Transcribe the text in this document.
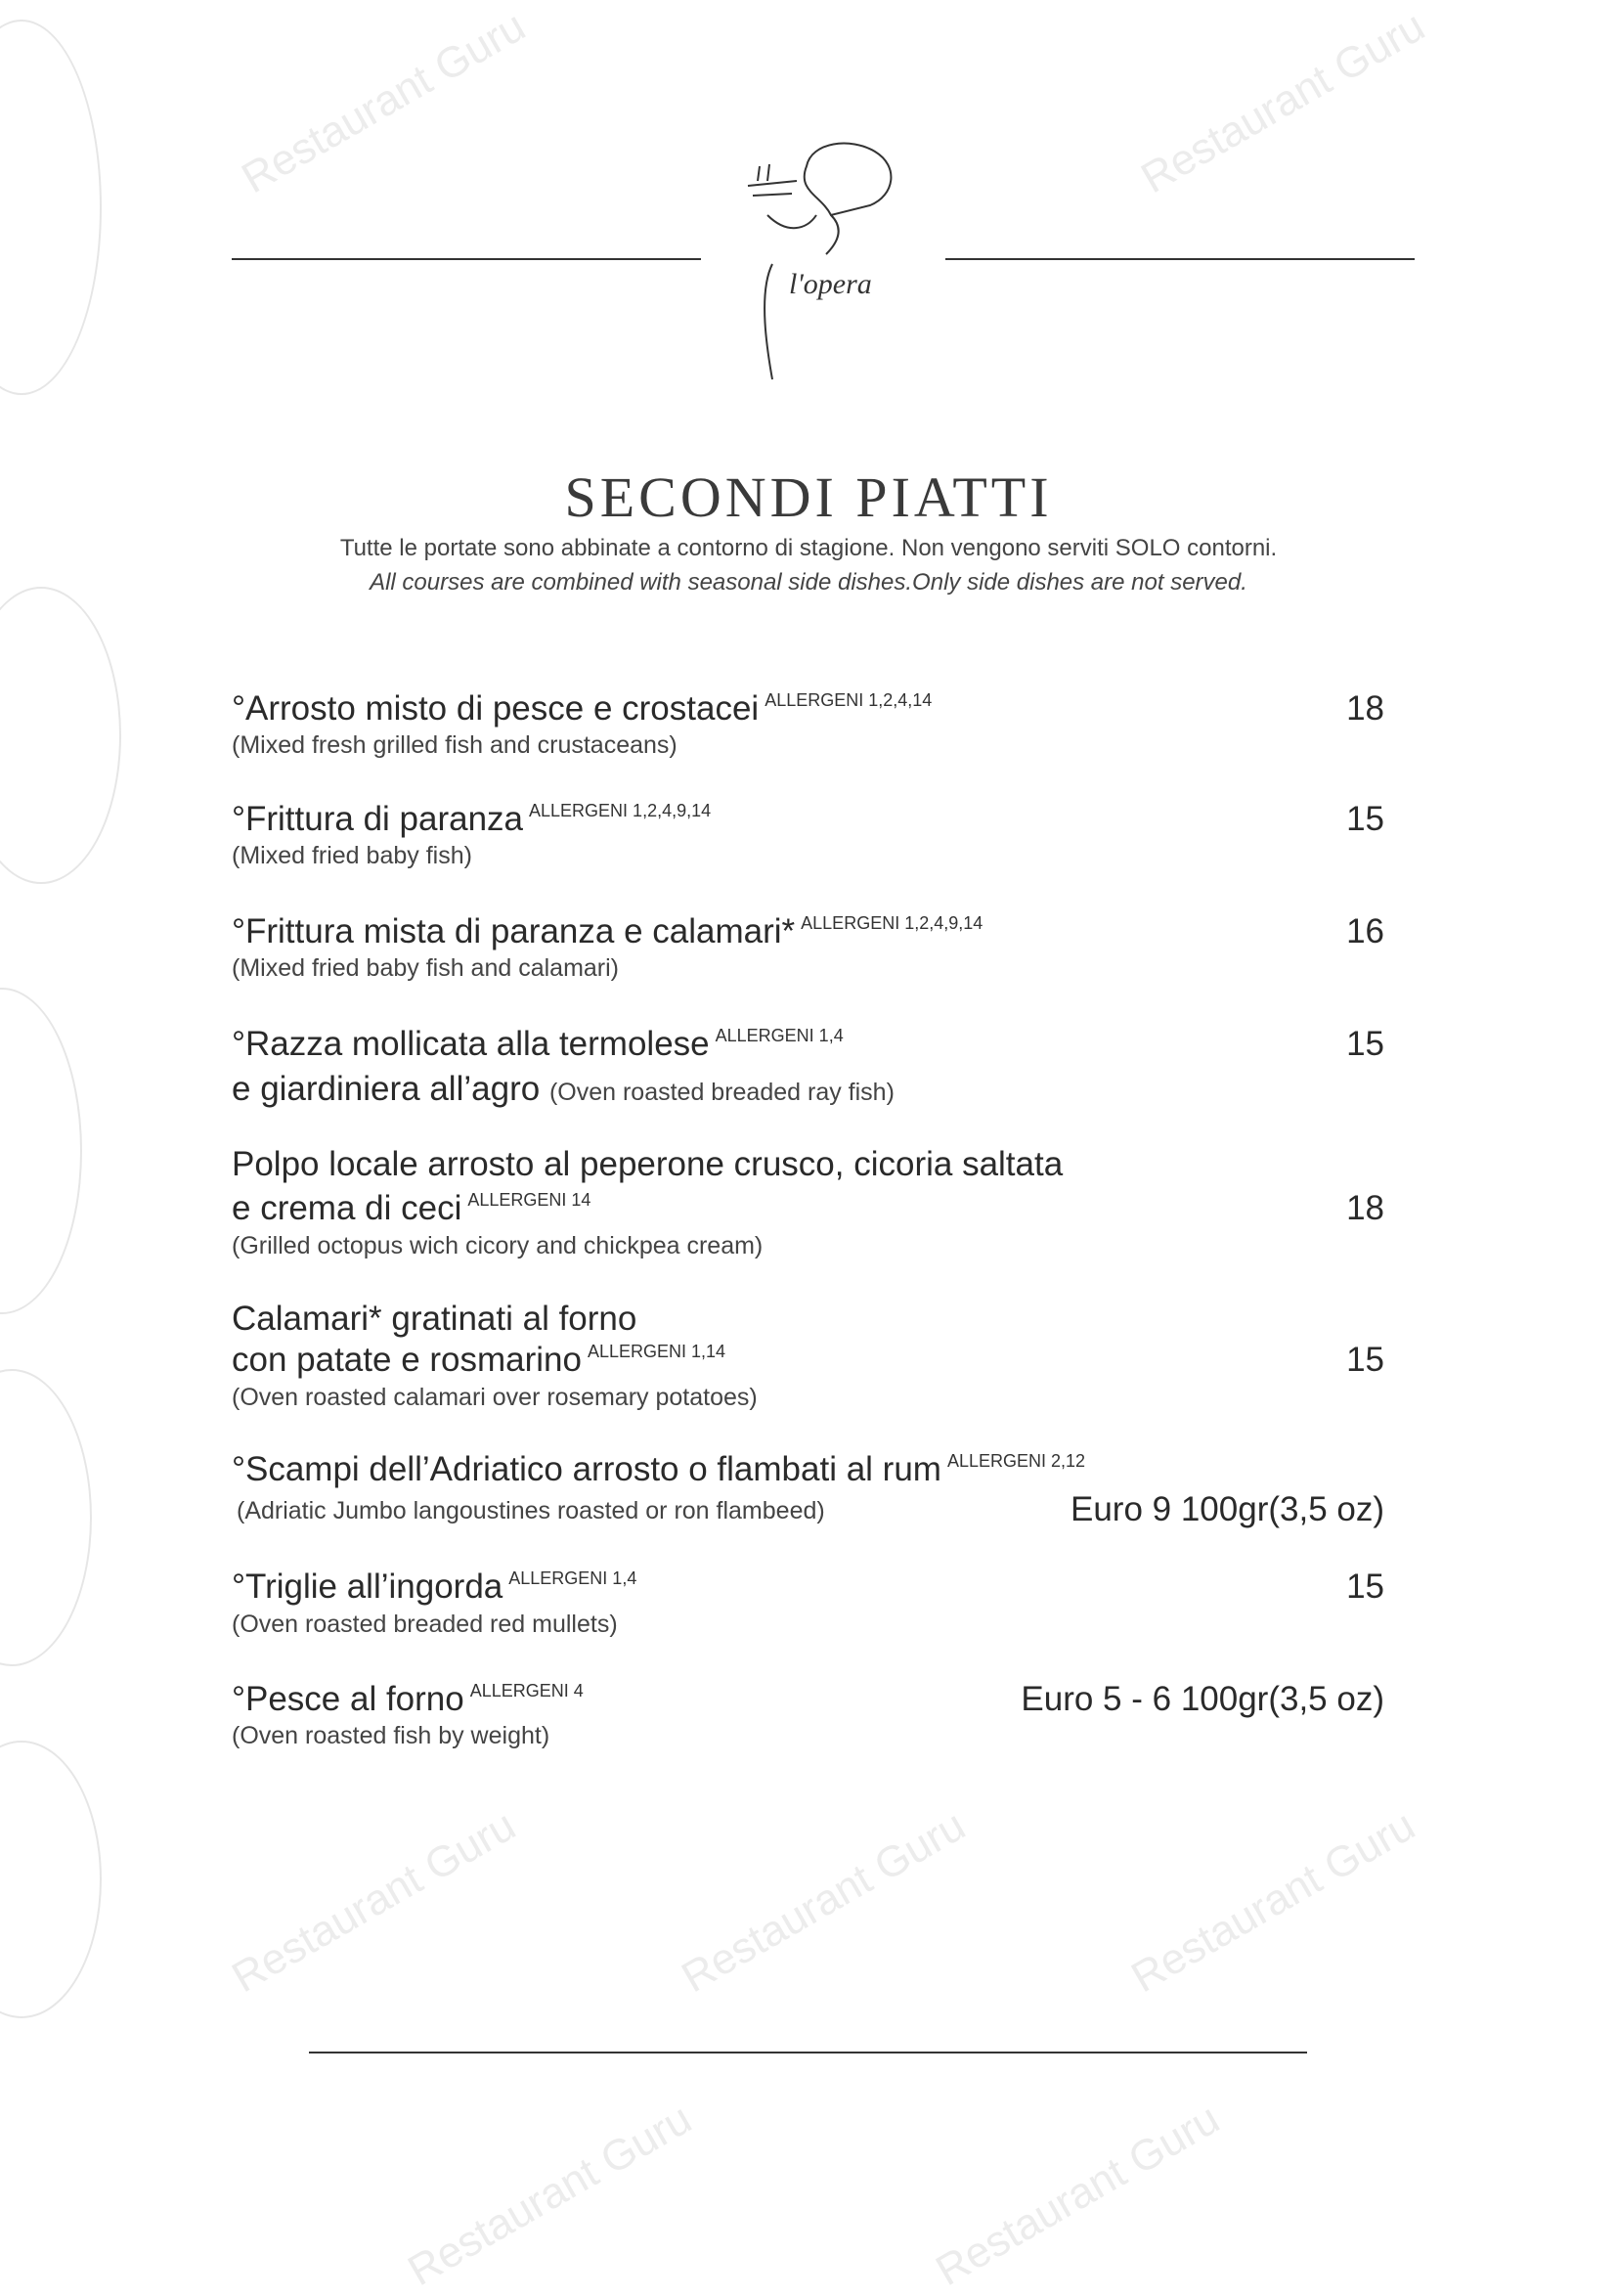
Restaurant Guru	Restaurant Guru
Restaurant Guru	Restaurant Guru	Restaurant Guru
Restaurant Guru	Restaurant Guru
l'opera
SECONDI PIATTI
Tutte le portate sono abbinate a contorno di stagione. Non vengono serviti SOLO contorni.
All courses are combined with seasonal side dishes.Only side dishes are not served.
°Arrosto misto di pesce e crostacei $^{ALLERGENI 1,2,4,14}$
(Mixed fresh grilled fish and crustaceans)
18
°Frittura di paranza $^{ALLERGENI 1,2,4,9,14}$
(Mixed fried baby fish)
15
°Frittura mista di paranza e calamari* $^{ALLERGENI 1,2,4,9,14}$
(Mixed fried baby fish and calamari)
16
°Razza mollicata alla termolese $^{ALLERGENI 1,4}$
e giardiniera all’agro (Oven roasted breaded ray fish)
15
Polpo locale arrosto al peperone crusco, cicoria saltata
e crema di ceci $^{ALLERGENI 14}$
(Grilled octopus wich cicory and chickpea cream)
18
Calamari* gratinati al forno
con patate e rosmarino $^{ALLERGENI 1,14}$
(Oven roasted calamari over rosemary potatoes)
15
°Scampi dell’Adriatico arrosto o flambati al rum $^{ALLERGENI 2,12}$
(Adriatic Jumbo langoustines roasted or ron flambeed)	Euro 9 100gr(3,5 oz)
°Triglie all’ingorda $^{ALLERGENI 1,4}$
(Oven roasted breaded red mullets)
15
°Pesce al forno $^{ALLERGENI 4}$
(Oven roasted fish by weight)
Euro 5 - 6 100gr(3,5 oz)
